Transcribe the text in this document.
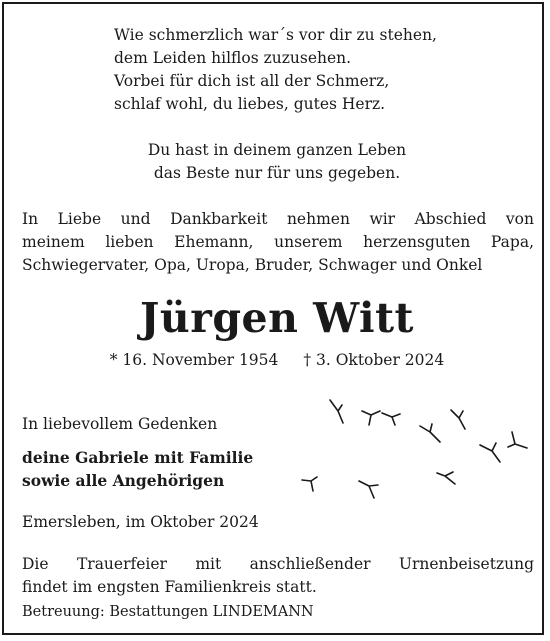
Wie schmerzlich war´s vor dir zu stehen,
dem Leiden hilflos zuzusehen.
Vorbei für dich ist all der Schmerz,
schlaf wohl, du liebes, gutes Herz.
Du hast in deinem ganzen Leben
das Beste nur für uns gegeben.
In Liebe und Dankbarkeit nehmen wir Abschied von
meinem lieben Ehemann, unserem herzensguten Papa,
Schwiegervater, Opa, Uropa, Bruder, Schwager und Onkel
Jürgen Witt
* 16. November 1954 † 3. Oktober 2024
In liebevollem Gedenken
deine Gabriele mit Familie
sowie alle Angehörigen
Emersleben, im Oktober 2024
Die Trauerfeier mit anschließender Urnenbeisetzung
findet im engsten Familienkreis statt.
Betreuung: Bestattungen LINDEMANN
